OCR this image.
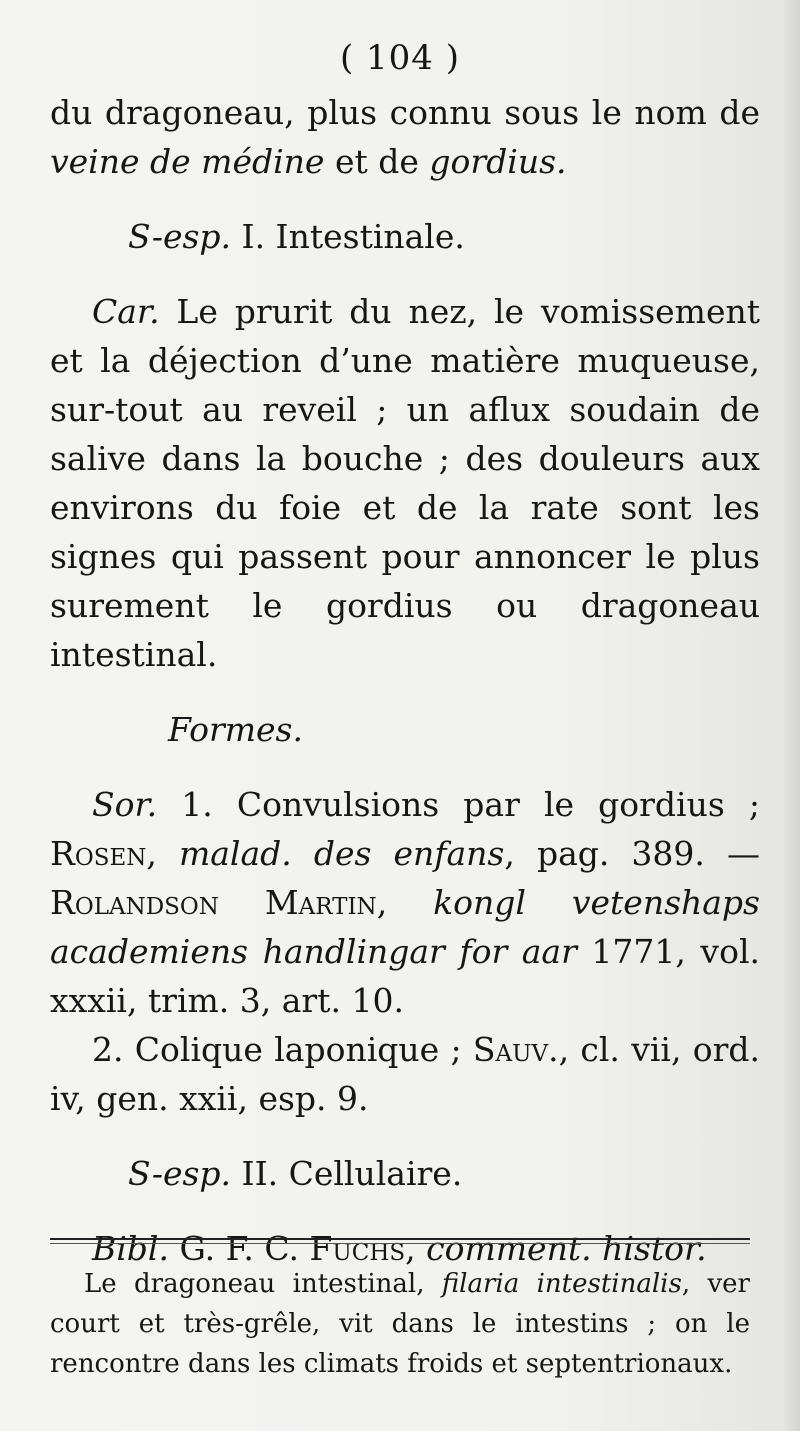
( 104 )

du dragoneau, plus connu sous le nom de veine de médine et de gordius.

S-esp. I. Intestinale.

Car. Le prurit du nez, le vomissement et la déjection d’une matière muqueuse, sur-tout au reveil ; un aflux soudain de salive dans la bouche ; des douleurs aux environs du foie et de la rate sont les signes qui passent pour annoncer le plus surement le gordius ou dragoneau intestinal.

Formes.

Sor. 1. Convulsions par le gordius ; Rosen, malad. des enfans, pag. 389. — Rolandson Martin, kongl vetenshaps academiens handlingar for aar 1771, vol. xxxii, trim. 3, art. 10.

2. Colique laponique ; Sauv., cl. vii, ord. iv, gen. xxii, esp. 9.

S-esp. II. Cellulaire.

Bibl. G. F. C. Fuchs, comment. histor.

Le dragoneau intestinal, filaria intestinalis, ver court et très-grêle, vit dans le intestins ; on le rencontre dans les climats froids et septentrionaux.
